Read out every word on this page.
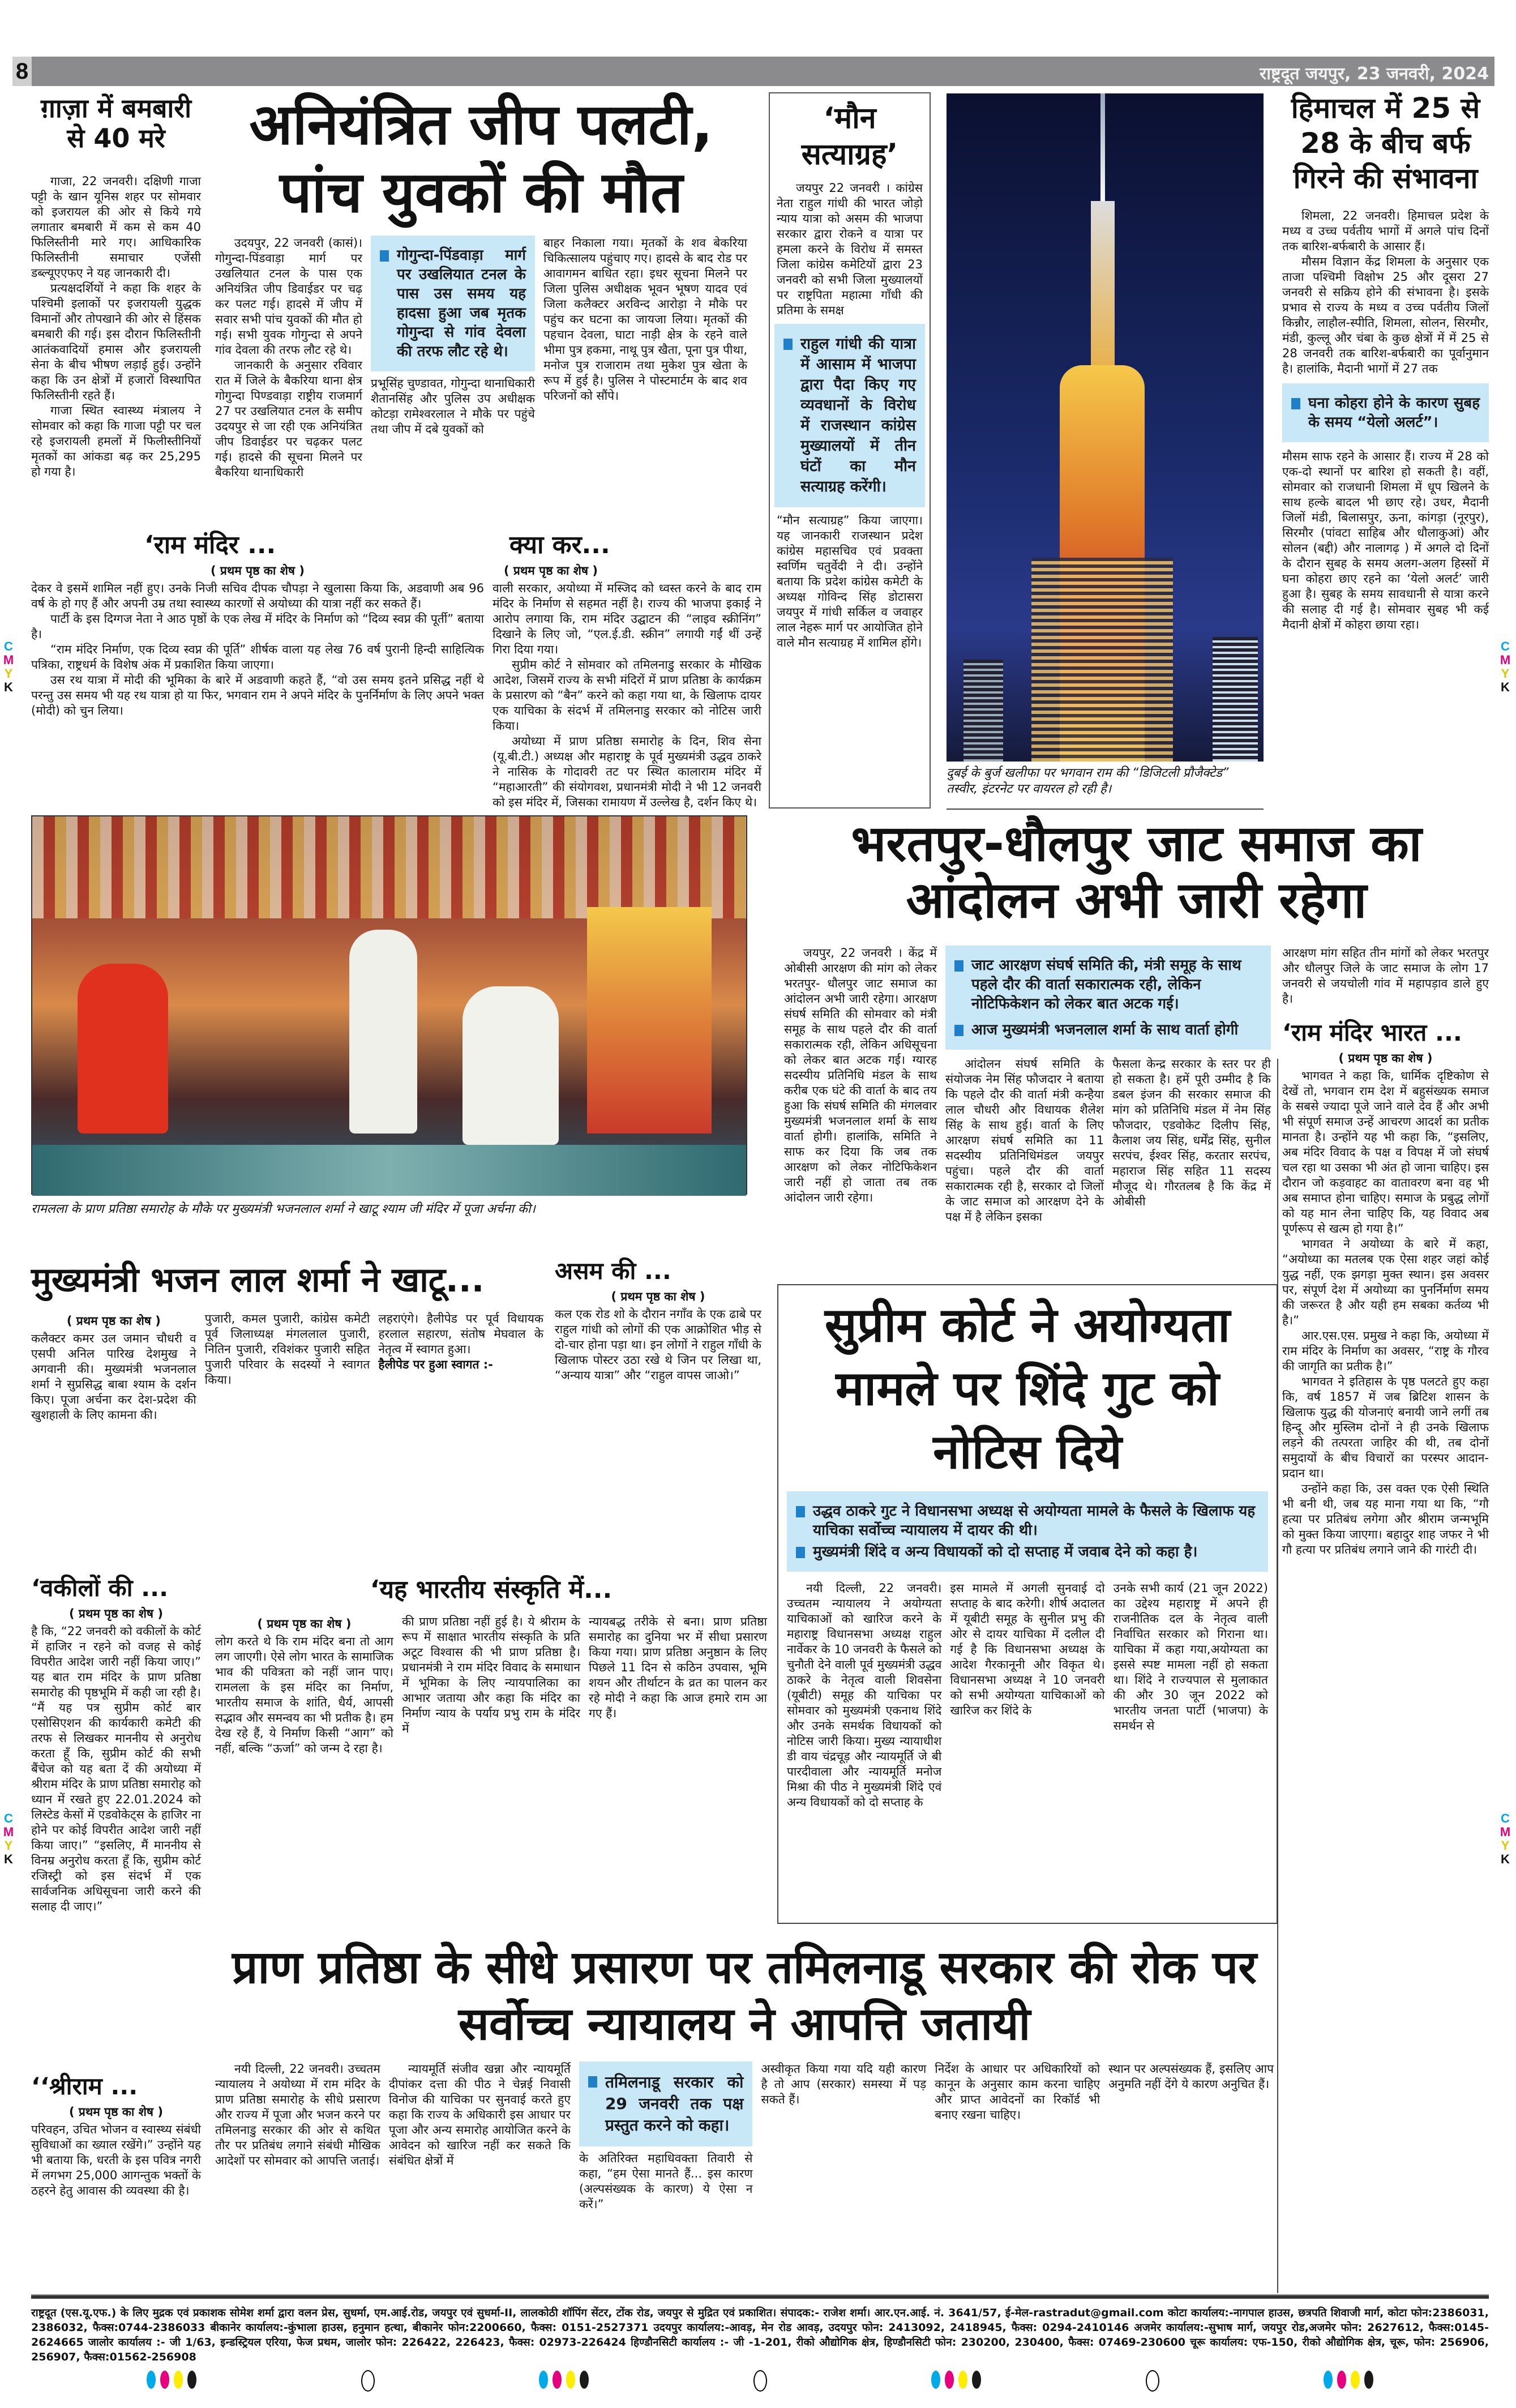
8	राष्ट्रदूत जयपुर, 23 जनवरी, 2024
ग़ाज़ा में बमबारी से 40 मरे

गाजा, 22 जनवरी। दक्षिणी गाजा पट्टी के खान यूनिस शहर पर सोमवार को इजरायल की ओर से किये गये लगातार बमबारी में कम से कम 40 फिलिस्तीनी मारे गए। आधिकारिक फिलिस्तीनी समाचार एजेंसी डब्ल्यूएएफए ने यह जानकारी दी।

प्रत्यक्षदर्शियों ने कहा कि शहर के पश्चिमी इलाकों पर इजरायली युद्धक विमानों और तोपखाने की ओर से हिंसक बमबारी की गई। इस दौरान फिलिस्तीनी आतंकवादियों हमास और इजरायली सेना के बीच भीषण लड़ाई हुई। उन्होंने कहा कि उन क्षेत्रों में हजारों विस्थापित फिलिस्तीनी रहते हैं।

गाजा स्थित स्वास्थ्य मंत्रालय ने सोमवार को कहा कि गाजा पट्टी पर चल रहे इजरायली हमलों में फिलीस्तीनियों मृतकों का आंकडा बढ़ कर 25,295 हो गया है।

अनियंत्रित जीप पलटी, पांच युवकों की मौत

उदयपुर, 22 जनवरी (कासं)। गोगुन्दा-पिंडवाड़ा मार्ग पर उखलियात टनल के पास एक अनियंत्रित जीप डिवाईडर पर चढ़ कर पलट गई। हादसे में जीप में सवार सभी पांच युवकों की मौत हो गई। सभी युवक गोगुन्दा से अपने गांव देवला की तरफ लौट रहे थे।

जानकारी के अनुसार रविवार रात में जिले के बैकरिया थाना क्षेत्र गोगुन्दा पिण्डवाड़ा राष्ट्रीय राजमार्ग 27 पर उखलियात टनल के समीप उदयपुर से जा रही एक अनियंत्रित जीप डिवाईडर पर चढ़कर पलट गई। हादसे की सूचना मिलने पर बैकरिया थानाधिकारी

गोगुन्दा-पिंडवाड़ा मार्ग पर उखलियात टनल के पास उस समय यह हादसा हुआ जब मृतक गोगुन्दा से गांव देवला की तरफ लौट रहे थे।

प्रभूसिंह चुण्डावत, गोगुन्दा थानाधिकारी शैतानसिंह और पुलिस उप अधीक्षक कोटड़ा रामेश्वरलाल ने मौके पर पहुंचे तथा जीप में दबे युवकों को

बाहर निकाला गया। मृतकों के शव बेकरिया चिकित्सालय पहुंचाए गए। हादसे के बाद रोड पर आवागमन बाधित रहा। इधर सूचना मिलने पर जिला पुलिस अधीक्षक भूवन भूषण यादव एवं जिला कलैक्टर अरविन्द आरोड़ा ने मौके पर पहुंच कर घटना का जायजा लिया। मृतकों की पहचान देवला, घाटा नाड़ी क्षेत्र के रहने वाले भीमा पुत्र हकमा, नाथू पुत्र खैता, पूना पुत्र पीथा, मनोज पुत्र राजाराम तथा मुकेश पुत्र खेता के रूप में हुई है। पुलिस ने पोस्टमार्टम के बाद शव परिजनों को सौंपे।

‘मौन सत्याग्रह’

जयपुर 22 जनवरी । कांग्रेस नेता राहुल गांधी की भारत जोड़ो न्याय यात्रा को असम की भाजपा सरकार द्वारा रोकने व यात्रा पर हमला करने के विरोध में समस्त जिला कांग्रेस कमेटियों द्वारा 23 जनवरी को सभी जिला मुख्यालयों पर राष्ट्रपिता महात्मा गाँधी की प्रतिमा के समक्ष

राहुल गांधी की यात्रा में आसाम में भाजपा द्वारा पैदा किए गए व्यवधानों के विरोध में राजस्थान कांग्रेस मुख्यालयों में तीन घंटों का मौन सत्याग्रह करेंगी।

“मौन सत्याग्रह” किया जाएगा। यह जानकारी राजस्थान प्रदेश कांग्रेस महासचिव एवं प्रवक्ता स्वर्णिम चतुर्वेदी ने दी। उन्होंने बताया कि प्रदेश कांग्रेस कमेटी के अध्यक्ष गोविन्द सिंह डोटासरा जयपुर में गांधी सर्किल व जवाहर लाल नेहरू मार्ग पर आयोजित होने वाले मौन सत्याग्रह में शामिल होंगे।

दुबई के बुर्ज खलीफा पर भगवान राम की “डिजिटली प्रौजैक्टेड” तस्वीर, इंटरनेट पर वायरल हो रही है।
हिमाचल में 25 से 28 के बीच बर्फ गिरने की संभावना

शिमला, 22 जनवरी। हिमाचल प्रदेश के मध्य व उच्च पर्वतीय भागों में अगले पांच दिनों तक बारिश-बर्फबारी के आसार हैं।

मौसम विज्ञान केंद्र शिमला के अनुसार एक ताजा पश्चिमी विक्षोभ 25 और दूसरा 27 जनवरी से सक्रिय होने की संभावना है। इसके प्रभाव से राज्य के मध्य व उच्च पर्वतीय जिलों किन्नौर, लाहौल-स्पीति, शिमला, सोलन, सिरमौर, मंडी, कुल्लू और चंबा के कुछ क्षेत्रों में में 25 से 28 जनवरी तक बारिश-बर्फबारी का पूर्वानुमान है। हालांकि, मैदानी भागों में 27 तक

घना कोहरा होने के कारण सुबह के समय “येलो अलर्ट”।

मौसम साफ रहने के आसार हैं। राज्य में 28 को एक-दो स्थानों पर बारिश हो सकती है। वहीं, सोमवार को राजधानी शिमला में धूप खिलने के साथ हल्के बादल भी छाए रहे। उधर, मैदानी जिलों मंडी, बिलासपुर, ऊना, कांगड़ा (नूरपुर), सिरमौर (पांवटा साहिब और धौलाकुआं) और सोलन (बद्दी) और नालागढ़ ) में अगले दो दिनों के दौरान सुबह के समय अलग-अलग हिस्सों में घना कोहरा छाए रहने का ‘येलो अलर्ट’ जारी हुआ है। सुबह के समय सावधानी से यात्रा करने की सलाह दी गई है। सोमवार सुबह भी कई मैदानी क्षेत्रों में कोहरा छाया रहा।

‘राम मंदिर ...
( प्रथम पृष्ठ का शेष )

देकर वे इसमें शामिल नहीं हुए। उनके निजी सचिव दीपक चौपड़ा ने खुलासा किया कि, अडवाणी अब 96 वर्ष के हो गए हैं और अपनी उम्र तथा स्वास्थ्य कारणों से अयोध्या की यात्रा नहीं कर सकते हैं।

पार्टी के इस दिग्गज नेता ने आठ पृष्ठों के एक लेख में मंदिर के निर्माण को “दिव्य स्वप्न की पूर्ती” बताया है।

“राम मंदिर निर्माण, एक दिव्य स्वप्न की पूर्ति” शीर्षक वाला यह लेख 76 वर्ष पुरानी हिन्दी साहित्यिक पत्रिका, राष्ट्रधर्म के विशेष अंक में प्रकाशित किया जाएगा।

उस रथ यात्रा में मोदी की भूमिका के बारे में अडवाणी कहते हैं, “वो उस समय इतने प्रसिद्ध नहीं थे परन्तु उस समय भी यह रथ यात्रा हो या फिर, भगवान राम ने अपने मंदिर के पुनर्निर्माण के लिए अपने भक्त (मोदी) को चुन लिया।

क्या कर...
( प्रथम पृष्ठ का शेष )

वाली सरकार, अयोध्या में मस्जिद को ध्वस्त करने के बाद राम मंदिर के निर्माण से सहमत नहीं है। राज्य की भाजपा इकाई ने आरोप लगाया कि, राम मंदिर उद्घाटन की “लाइव स्क्रीनिंग” दिखाने के लिए जो, “एल.ई.डी. स्क्रीन” लगायी गईं थीं उन्हें गिरा दिया गया।

सुप्रीम कोर्ट ने सोमवार को तमिलनाडु सरकार के मौखिक आदेश, जिसमें राज्य के सभी मंदिरों में प्राण प्रतिष्ठा के कार्यक्रम के प्रसारण को “बैन” करने को कहा गया था, के खिलाफ दायर एक याचिका के संदर्भ में तमिलनाडु सरकार को नोटिस जारी किया।

अयोध्या में प्राण प्रतिष्ठा समारोह के दिन, शिव सेना (यू.बी.टी.) अध्यक्ष और महाराष्ट्र के पूर्व मुख्यमंत्री उद्धव ठाकरे ने नासिक के गोदावरी तट पर स्थित कालाराम मंदिर में “महाआरती” की संयोगवश, प्रधानमंत्री मोदी ने भी 12 जनवरी को इस मंदिर में, जिसका रामायण में उल्लेख है, दर्शन किए थे।

रामलला के प्राण प्रतिष्ठा समारोह के मौके पर मुख्यमंत्री भजनलाल शर्मा ने खाटू श्याम जी मंदिर में पूजा अर्चना की।
भरतपुर-धौलपुर जाट समाज का आंदोलन अभी जारी रहेगा

जयपुर, 22 जनवरी । केंद्र में ओबीसी आरक्षण की मांग को लेकर भरतपुर- धौलपुर जाट समाज का आंदोलन अभी जारी रहेगा। आरक्षण संघर्ष समिति की सोमवार को मंत्री समूह के साथ पहले दौर की वार्ता सकारात्मक रही, लेकिन अधिसूचना को लेकर बात अटक गई। ग्यारह सदस्यीय प्रतिनिधि मंडल के साथ करीब एक घंटे की वार्ता के बाद तय हुआ कि संघर्ष समिति की मंगलवार मुख्यमंत्री भजनलाल शर्मा के साथ वार्ता होगी। हालांकि, समिति ने साफ कर दिया कि जब तक आरक्षण को लेकर नोटिफिकेशन जारी नहीं हो जाता तब तक आंदोलन जारी रहेगा।

जाट आरक्षण संघर्ष समिति की, मंत्री समूह के साथ पहले दौर की वार्ता सकारात्मक रही, लेकिन नोटिफिकेशन को लेकर बात अटक गई।
आज मुख्यमंत्री भजनलाल शर्मा के साथ वार्ता होगी

आंदोलन संघर्ष समिति के संयोजक नेम सिंह फौजदार ने बताया कि पहले दौर की वार्ता मंत्री कन्हैया लाल चौधरी और विधायक शैलेश सिंह के साथ हुई। वार्ता के लिए आरक्षण संघर्ष समिति का 11 सदस्यीय प्रतिनिधिमंडल जयपुर पहुंचा। पहले दौर की वार्ता सकारात्मक रही है, सरकार दो जिलों के जाट समाज को आरक्षण देने के पक्ष में है लेकिन इसका

फैसला केन्द्र सरकार के स्तर पर ही हो सकता है। हमें पूरी उम्मीद है कि डबल इंजन की सरकार समाज की मांग को प्रतिनिधि मंडल में नेम सिंह फौजदार, एडवोकेट दिलीप सिंह, कैलाश जय सिंह, धर्मेंद्र सिंह, सुनील सरपंच, ईश्वर सिंह, करतार सरपंच, महाराज सिंह सहित 11 सदस्य मौजूद थे। गौरतलब है कि केंद्र में ओबीसी

आरक्षण मांग सहित तीन मांगों को लेकर भरतपुर और धौलपुर जिले के जाट समाज के लोग 17 जनवरी से जयचोली गांव में महापड़ाव डाले हुए है।

‘राम मंदिर भारत ...
( प्रथम पृष्ठ का शेष )

भागवत ने कहा कि, धार्मिक दृष्टिकोण से देखें तो, भगवान राम देश में बहुसंख्यक समाज के सबसे ज्यादा पूजे जाने वाले देव हैं और अभी भी संपूर्ण समाज उन्हें आचरण आदर्श का प्रतीक मानता है। उन्होंने यह भी कहा कि, “इसलिए, अब मंदिर विवाद के पक्ष व विपक्ष में जो संघर्ष चल रहा था उसका भी अंत हो जाना चाहिए। इस दौरान जो कड़वाहट का वातावरण बना वह भी अब समाप्त होना चाहिए। समाज के प्रबुद्ध लोगों को यह मान लेना चाहिए कि, यह विवाद अब पूर्णरूप से खत्म हो गया है।”

भागवत ने अयोध्या के बारे में कहा, “अयोध्या का मतलब एक ऐसा शहर जहां कोई युद्ध नहीं, एक झगड़ा मुक्त स्थान। इस अवसर पर, संपूर्ण देश में अयोध्या का पुनर्निर्माण समय की जरूरत है और यही हम सबका कर्तव्य भी है।”

आर.एस.एस. प्रमुख ने कहा कि, अयोध्या में राम मंदिर के निर्माण का अवसर, “राष्ट्र के गौरव की जागृति का प्रतीक है।”

भागवत ने इतिहास के पृष्ठ पलटते हुए कहा कि, वर्ष 1857 में जब ब्रिटिश शासन के खिलाफ युद्ध की योजनाएं बनायी जाने लगीं तब हिन्दू और मुस्लिम दोनों ने ही उनके खिलाफ लड़ने की तत्परता जाहिर की थी, तब दोनों समुदायों के बीच विचारों का परस्पर आदान-प्रदान था।

उन्होंने कहा कि, उस वक्त एक ऐसी स्थिति भी बनी थी, जब यह माना गया था कि, “गौ हत्या पर प्रतिबंध लगेगा और श्रीराम जन्मभूमि को मुक्त किया जाएगा। बहादुर शाह जफर ने भी गौ हत्या पर प्रतिबंध लगाने जाने की गारंटी दी।

मुख्यमंत्री भजन लाल शर्मा ने खाटू...
( प्रथम पृष्ठ का शेष )

कलैक्टर कमर उल जमान चौधरी व एसपी अनिल पारिख देशमुख ने अगवानी की। मुख्यमंत्री भजनलाल शर्मा ने सुप्रसिद्ध बाबा श्याम के दर्शन किए। पूजा अर्चना कर देश-प्रदेश की खुशहाली के लिए कामना की।

पुजारी, कमल पुजारी, कांग्रेस कमेटी पूर्व जिलाध्यक्ष मंगललाल पुजारी, नितिन पुजारी, रविशंकर पुजारी सहित पुजारी परिवार के सदस्यों ने स्वागत किया।

लहराएंगे। हैलीपेड पर पूर्व विधायक हरलाल सहारण, संतोष मेघवाल के नेतृत्व में स्वागत हुआ।

हैलीपेड पर हुआ स्वागत :-

असम की ...
( प्रथम पृष्ठ का शेष )

कल एक रोड शो के दौरान नगाँव के एक ढाबे पर राहुल गांधी को लोगों की एक आक्रोशित भीड़ से दो-चार होना पड़ा था। इन लोगों ने राहुल गाँधी के खिलाफ पोस्टर उठा रखे थे जिन पर लिखा था, “अन्याय यात्रा” और “राहुल वापस जाओ।”

सुप्रीम कोर्ट ने अयोग्यता मामले पर शिंदे गुट को नोटिस दिये
उद्धव ठाकरे गुट ने विधानसभा अध्यक्ष से अयोग्यता मामले के फैसले के खिलाफ यह याचिका सर्वोच्च न्यायालय में दायर की थी।
मुख्यमंत्री शिंदे व अन्य विधायकों को दो सप्ताह में जवाब देने को कहा है।

नयी दिल्ली, 22 जनवरी। उच्चतम न्यायालय ने अयोग्यता याचिकाओं को खारिज करने के महाराष्ट्र विधानसभा अध्यक्ष राहुल नार्वेकर के 10 जनवरी के फैसले को चुनौती देने वाली पूर्व मुख्यमंत्री उद्धव ठाकरे के नेतृत्व वाली शिवसेना (यूबीटी) समूह की याचिका पर सोमवार को मुख्यमंत्री एकनाथ शिंदे और उनके समर्थक विधायकों को नोटिस जारी किया। मुख्य न्यायाधीश डी वाय चंद्रचूड़ और न्यायमूर्ति जे बी पारदीवाला और न्यायमूर्ति मनोज मिश्रा की पीठ ने मुख्यमंत्री शिंदे एवं अन्य विधायकों को दो सप्ताह के

इस मामले में अगली सुनवाई दो सप्ताह के बाद करेगी। शीर्ष अदालत में यूबीटी समूह के सुनील प्रभु की ओर से दायर याचिका में दलील दी गई है कि विधानसभा अध्यक्ष के आदेश गैरकानूनी और विकृत थे। विधानसभा अध्यक्ष ने 10 जनवरी को सभी अयोग्यता याचिकाओं को खारिज कर शिंदे के

उनके सभी कार्य (21 जून 2022) का उद्देश्य महाराष्ट्र में अपने ही राजनीतिक दल के नेतृत्व वाली निर्वाचित सरकार को गिराना था। याचिका में कहा गया,अयोग्यता का इससे स्पष्ट मामला नहीं हो सकता था। शिंदे ने राज्यपाल से मुलाकात की और 30 जून 2022 को भारतीय जनता पार्टी (भाजपा) के समर्थन से

‘वकीलों की ...
( प्रथम पृष्ठ का शेष )

है कि, “22 जनवरी को वकीलों के कोर्ट में हाजिर न रहने को वजह से कोई विपरीत आदेश जारी नहीं किया जाए।” यह बात राम मंदिर के प्राण प्रतिष्ठा समारोह की पृष्ठभूमि में कही जा रही है। “मैं यह पत्र सुप्रीम कोर्ट बार एसोसिएशन की कार्यकारी कमेटी की तरफ से लिखकर माननीय से अनुरोध करता हूँ कि, सुप्रीम कोर्ट की सभी बैंचेज को यह बता दें की अयोध्या में श्रीराम मंदिर के प्राण प्रतिष्ठा समारोह को ध्यान में रखते हुए 22.01.2024 को लिस्टेड केसों में एडवोकेट्स के हाजिर ना होने पर कोई विपरीत आदेश जारी नहीं किया जाए।” “इसलिए, मैं माननीय से विनम्र अनुरोध करता हूँ कि, सुप्रीम कोर्ट रजिस्ट्री को इस संदर्भ में एक सार्वजनिक अधिसूचना जारी करने की सलाह दी जाए।”

‘यह भारतीय संस्कृति में...
( प्रथम पृष्ठ का शेष )

लोग करते थे कि राम मंदिर बना तो आग लग जाएगी। ऐसे लोग भारत के सामाजिक भाव की पवित्रता को नहीं जान पाए। रामलला के इस मंदिर का निर्माण, भारतीय समाज के शांति, धैर्य, आपसी सद्भाव और समन्वय का भी प्रतीक है। हम देख रहे हैं, ये निर्माण किसी “आग” को नहीं, बल्कि “ऊर्जा” को जन्म दे रहा है।

की प्राण प्रतिष्ठा नहीं हुई है। ये श्रीराम के रूप में साक्षात भारतीय संस्कृति के प्रति अटूट विश्वास की भी प्राण प्रतिष्ठा है। प्रधानमंत्री ने राम मंदिर विवाद के समाधान में भूमिका के लिए न्यायपालिका का आभार जताया और कहा कि मंदिर का निर्माण न्याय के पर्याय प्रभु राम के मंदिर में

न्यायबद्ध तरीके से बना। प्राण प्रतिष्ठा समारोह का दुनिया भर में सीधा प्रसारण किया गया। प्राण प्रतिष्ठा अनुष्ठान के लिए पिछले 11 दिन से कठिन उपवास, भूमि शयन और तीर्थाटन के व्रत का पालन कर रहे मोदी ने कहा कि आज हमारे राम आ गए हैं।

प्राण प्रतिष्ठा के सीधे प्रसारण पर तमिलनाडू सरकार की रोक पर सर्वोच्च न्यायालय ने आपत्ति जतायी

नयी दिल्ली, 22 जनवरी। उच्चतम न्यायालय ने अयोध्या में राम मंदिर के प्राण प्रतिष्ठा समारोह के सीधे प्रसारण और राज्य में पूजा और भजन करने पर तमिलनाडु सरकार की ओर से कथित तौर पर प्रतिबंध लगाने संबंधी मौखिक आदेशों पर सोमवार को आपत्ति जताई।

न्यायमूर्ति संजीव खन्ना और न्यायमूर्ति दीपांकर दत्ता की पीठ ने चेन्नई निवासी विनोज की याचिका पर सुनवाई करते हुए कहा कि राज्य के अधिकारी इस आधार पर पूजा और अन्य समारोह आयोजित करने के आवेदन को खारिज नहीं कर सकते कि संबंधित क्षेत्रों में

तमिलनाडू सरकार को 29 जनवरी तक पक्ष प्रस्तुत करने को कहा।

के अतिरिक्त महाधिवक्ता तिवारी से कहा, “हम ऐसा मानते हैं... इस कारण (अल्पसंख्यक के कारण) ये ऐसा न करें।”

अस्वीकृत किया गया यदि यही कारण है तो आप (सरकार) समस्या में पड़ सकते हैं।

निर्देश के आधार पर अधिकारियों को कानून के अनुसार काम करना चाहिए और प्राप्त आवेदनों का रिकॉर्ड भी बनाए रखना चाहिए।

स्थान पर अल्पसंख्यक हैं, इसलिए आप अनुमति नहीं देंगे ये कारण अनुचित हैं।

‘‘श्रीराम ...
( प्रथम पृष्ठ का शेष )

परिवहन, उचित भोजन व स्वास्थ्य संबंधी सुविधाओं का ख्याल रखेंगे।” उन्होंने यह भी बताया कि, धरती के इस पवित्र नगरी में लगभग 25,000 आगन्तुक भक्तों के ठहरने हेतु आवास की व्यवस्था की है।

C
M
Y
K
C
M
Y
K
C
M
Y
K
C
M
Y
K
राष्ट्रदूत (एस.यू.एफ.) के लिए मुद्रक एवं प्रकाशक सोमेश शर्मा द्वारा वलन प्रेस, सुधर्मा, एम.आई.रोड, जयपुर एवं सुधर्मा-II, लालकोठी शॉपिंग सेंटर, टोंक रोड, जयपुर से मुद्रित एवं प्रकाशित। संपादक:- राजेश शर्मा। आर.एन.आई. नं. 3641/57, ई-मेल-rastradut@gmail.com कोटा कार्यालय:-नागपाल हाउस, छत्रपति शिवाजी मार्ग, कोटा फोन:2386031, 2386032, फैक्स:0744-2386033 बीकानेर कार्यालय:-कुंभाला हाउस, हनुमान हत्था, बीकानेर फोन:2200660, फैक्स: 0151-2527371 उदयपुर कार्यालय:-आवड़, मेन रोड आवड़, उदयपुर फोन: 2413092, 2418945, फैक्स: 0294-2410146 अजमेर कार्यालय:-सुभाष मार्ग, जयपुर रोड,अजमेर फोन: 2627612, फैक्स:0145-2624665 जालोर कार्यालय :- जी 1/63, इन्डस्ट्रियल एरिया, फेज प्रथम, जालोर फोन: 226422, 226423, फैक्स: 02973-226424 हिण्डौनसिटी कार्यालय :- जी -1-201, रीको औद्योगिक क्षेत्र, हिण्डौनसिटी फोन: 230200, 230400, फैक्स: 07469-230600 चूरू कार्यालय: एफ-150, रीको औद्योगिक क्षेत्र, चूरू, फोन: 256906, 256907, फैक्स:01562-256908
